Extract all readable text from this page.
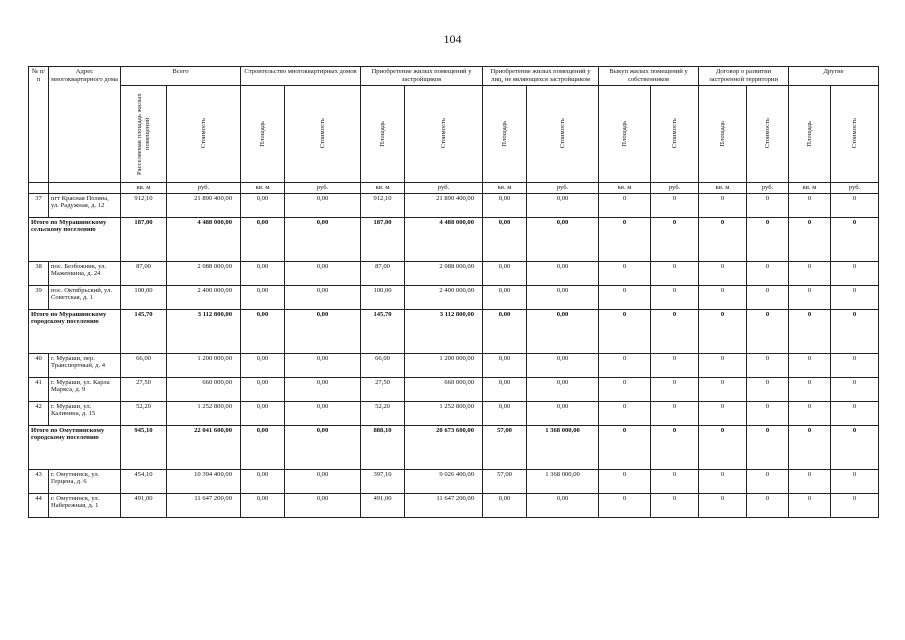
104
№ п/п	Адрес многоквартирного дома	Всего		Строительство многоквартирных домов		Приобретение жилых помещений у застройщиков		Приобретение жилых помещений у лиц, не являющихся застройщиком		Выкуп жилых помещений у собственников		Договор о развитии застроенной территории		Другие	

		Расселяемая площадь жилых помещений	Стоимость	Площадь	Стоимость	Площадь	Стоимость	Площадь	Стоимость	Площадь	Стоимость	Площадь	Стоимость	Площадь	Стоимость

		кв. м	руб.	кв. м	руб.	кв. м	руб.	кв. м	руб.	кв. м	руб.	кв. м	руб.	кв. м	руб.
37	пгт Красная Поляна, ул. Радужная, д. 12	912,10	21 890 400,00	0,00	0,00	912,10	21 890 400,00	0,00	0,00	0	0	0	0	0	0
Итого по Мурашинскому сельскому поселению		187,00	4 488 000,00	0,00	0,00	187,00	4 488 000,00	0,00	0,00	0	0	0	0	0	0
38	пос. Безбожник, ул. Маженкина, д. 24	87,00	2 088 000,00	0,00	0,00	87,00	2 088 000,00	0,00	0,00	0	0	0	0	0	0
39	пос. Октябрьский, ул. Советская, д. 1	100,00	2 400 000,00	0,00	0,00	100,00	2 400 000,00	0,00	0,00	0	0	0	0	0	0
Итого по Мурашинскому городскому поселению		145,70	3 112 800,00	0,00	0,00	145,70	3 112 800,00	0,00	0,00	0	0	0	0	0	0
40	г. Мураши, пер. Транспортный, д. 4	66,00	1 200 000,00	0,00	0,00	66,00	1 200 000,00	0,00	0,00	0	0	0	0	0	0
41	г. Мураши, ул. Карла Маркса, д. 9	27,50	660 000,00	0,00	0,00	27,50	660 000,00	0,00	0,00	0	0	0	0	0	0
42	г. Мураши, ул. Калинина, д. 15	52,20	1 252 800,00	0,00	0,00	52,20	1 252 800,00	0,00	0,00	0	0	0	0	0	0
Итого по Омутнинскому городскому поселению		945,10	22 041 600,00	0,00	0,00	888,10	20 673 600,00	57,00	1 368 000,00	0	0	0	0	0	0
43	г. Омутнинск, ул. Герцена, д. 6	454,10	10 394 400,00	0,00	0,00	397,10	9 026 400,00	57,00	1 368 000,00	0	0	0	0	0	0
44	г. Омутнинск, ул. Набережная, д. 1	491,00	11 647 200,00	0,00	0,00	491,00	11 647 200,00	0,00	0,00	0	0	0	0	0	0
